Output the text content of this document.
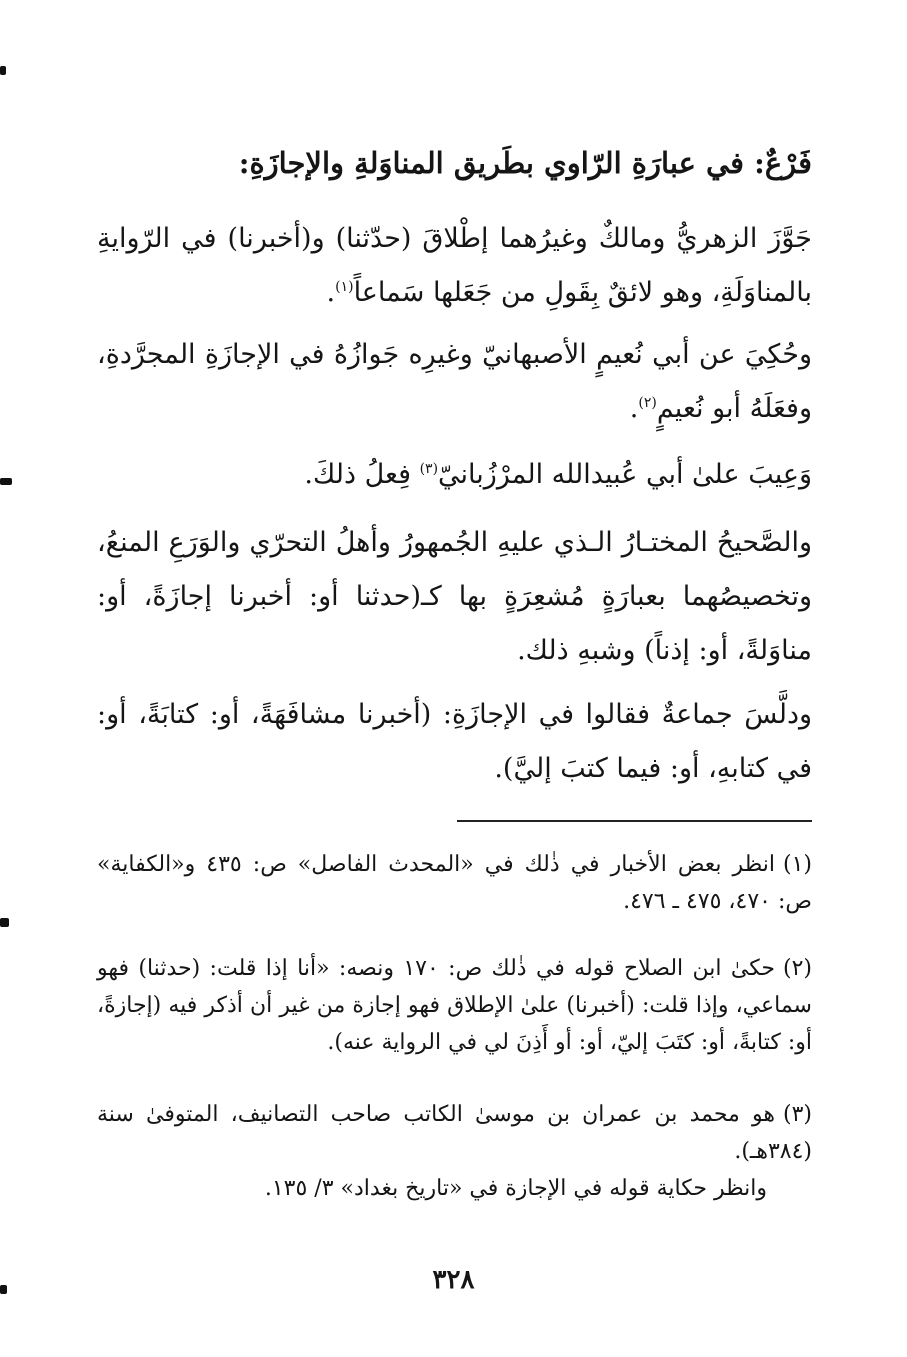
فَرْعٌ: في عبارَةِ الرّاوي بطَريق المناوَلةِ والإجازَةِ:
جَوَّزَ الزهريُّ ومالكٌ وغيرُهما إطْلاقَ (حدّثنا) و(أخبرنا) في الرّوايةِ بالمناوَلَةِ، وهو لائقٌ بِقَولِ من جَعَلها سَماعاً$^{(١)}$.
وحُكِيَ عن أبي نُعيمٍ الأصبهانيّ وغيرِه جَوازُهُ في الإجازَةِ المجرَّدةِ، وفعَلَهُ أبو نُعيمٍ$^{(٢)}$.
وَعِيبَ علىٰ أبي عُبيدالله المرْزُبانيّ$^{(٣)}$ فِعلُ ذلكَ.
والصَّحيحُ المختـارُ الـذي عليهِ الجُمهورُ وأهلُ التحرّي والوَرَعِ المنعُ، وتخصيصُهما بعبارَةٍ مُشعِرَةٍ بها كـ(حدثنا أو: أخبرنا إجازَةً، أو: مناوَلةً، أو: إذناً) وشبهِ ذلك.
ودلَّسَ جماعةٌ فقالوا في الإجازَةِ: (أخبرنا مشافَهَةً، أو: كتابَةً، أو: في كتابهِ، أو: فيما كتبَ إليَّ).
(١)انظر بعض الأخبار في ذٰلك في «المحدث الفاصل» ص: ٤٣٥ و«الكفاية» ص: ٤٧٠، ٤٧٥ ـ ٤٧٦.
(٢)حكىٰ ابن الصلاح قوله في ذٰلك ص: ١٧٠ ونصه: «أنا إذا قلت: (حدثنا) فهو سماعي، وإذا قلت: (أخبرنا) علىٰ الإطلاق فهو إجازة من غير أن أذكر فيه (إجازةً، أو: كتابةً، أو: كتَبَ إليّ، أو: أو أَذِنَ لي في الرواية عنه).
(٣)هو محمد بن عمران بن موسىٰ الكاتب صاحب التصانيف، المتوفىٰ سنة (٣٨٤هـ).
وانظر حكاية قوله في الإجازة في «تاريخ بغداد» ٣/ ١٣٥.
٣٢٨
